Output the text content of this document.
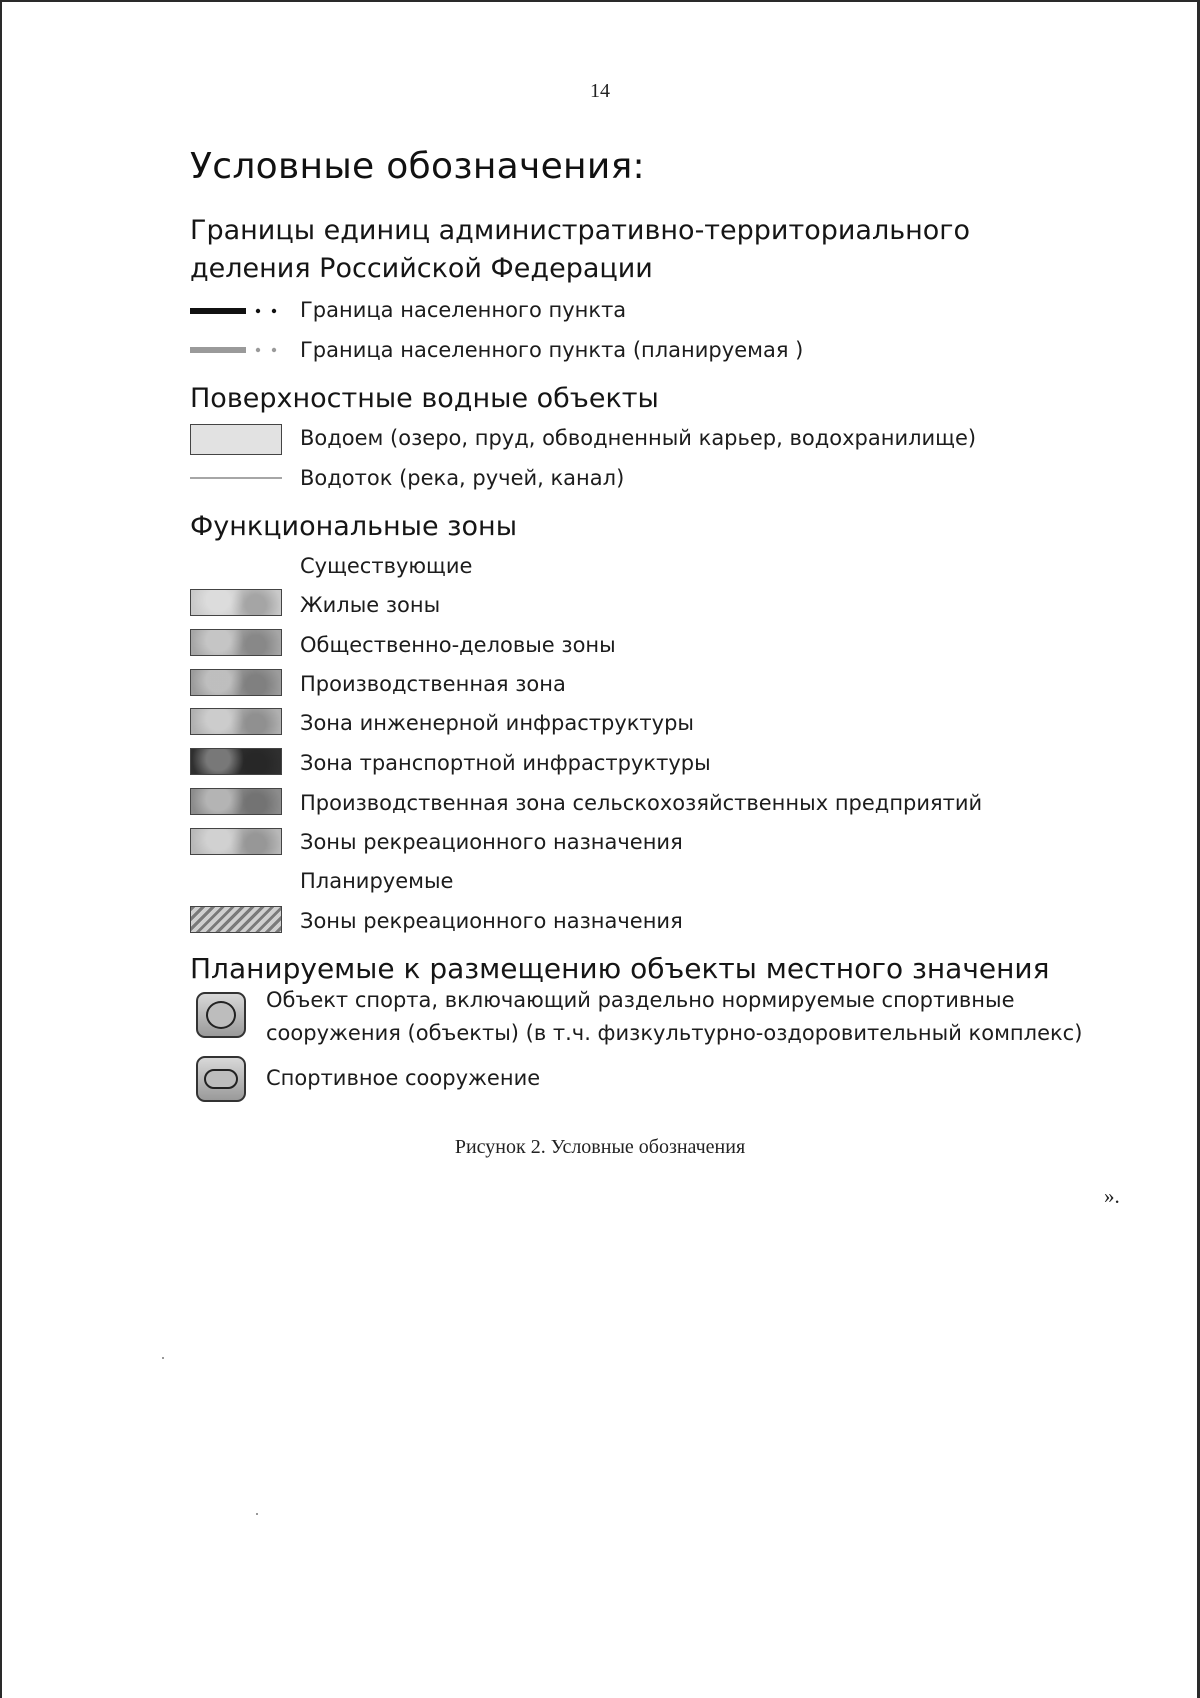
14
Условные обозначения:
Границы единиц административно-территориального
деления Российской Федерации
Граница населенного пункта
Граница населенного пункта (планируемая )
Поверхностные водные объекты
Водоем (озеро, пруд, обводненный карьер, водохранилище)
Водоток (река, ручей, канал)
Функциональные зоны
Существующие
Жилые зоны
Общественно-деловые зоны
Производственная зона
Зона инженерной инфраструктуры
Зона транспортной инфраструктуры
Производственная зона сельскохозяйственных предприятий
Зоны рекреационного назначения
Планируемые
Зоны рекреационного назначения
Планируемые к размещению объекты местного значения
Объект спорта, включающий раздельно нормируемые спортивные
сооружения (объекты) (в т.ч. физкультурно-оздоровительный комплекс)
Спортивное сооружение
Рисунок 2. Условные обозначения
».
